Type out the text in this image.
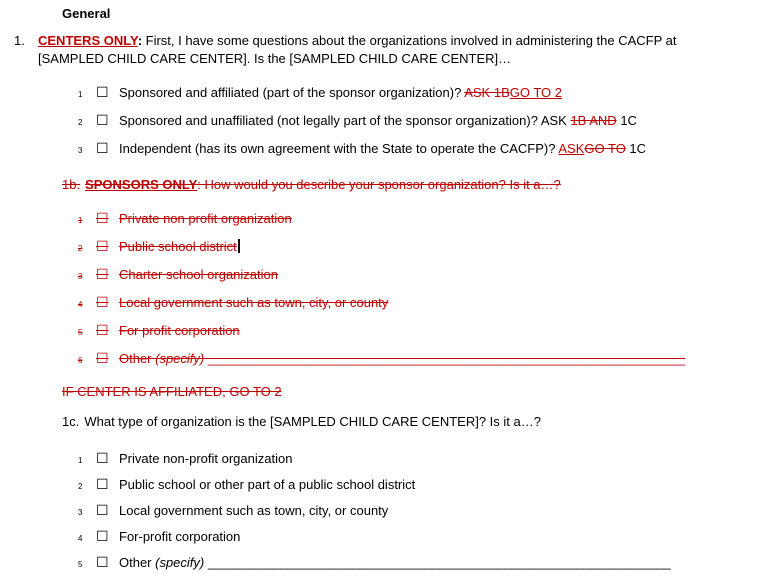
General
1.	CENTERS ONLY: First, I have some questions about the organizations involved in administering the CACFP at [SAMPLED CHILD CARE CENTER]. Is the [SAMPLED CHILD CARE CENTER]…
1 ☐ Sponsored and affiliated (part of the sponsor organization)? ASK 1BGO TO 2
2 ☐ Sponsored and unaffiliated (not legally part of the sponsor organization)? ASK 1B AND 1C
3 ☐ Independent (has its own agreement with the State to operate the CACFP)? ASKGO TO 1C
1b. SPONSORS ONLY: How would you describe your sponsor organization? Is it a…?
1 ☐ Private non profit organization
2 ☐ Public school district
3 ☐ Charter school organization
4 ☐ Local government such as town, city, or county
5 ☐ For profit corporation
6 ☐ Other (specify) __________________________________________________________________
IF CENTER IS AFFILIATED, GO TO 2
1c. What type of organization is the [SAMPLED CHILD CARE CENTER]? Is it a…?
1 ☐ Private non-profit organization
2 ☐ Public school or other part of a public school district
3 ☐ Local government such as town, city, or county
4 ☐ For-profit corporation
5 ☐ Other (specify) ________________________________________________________________
